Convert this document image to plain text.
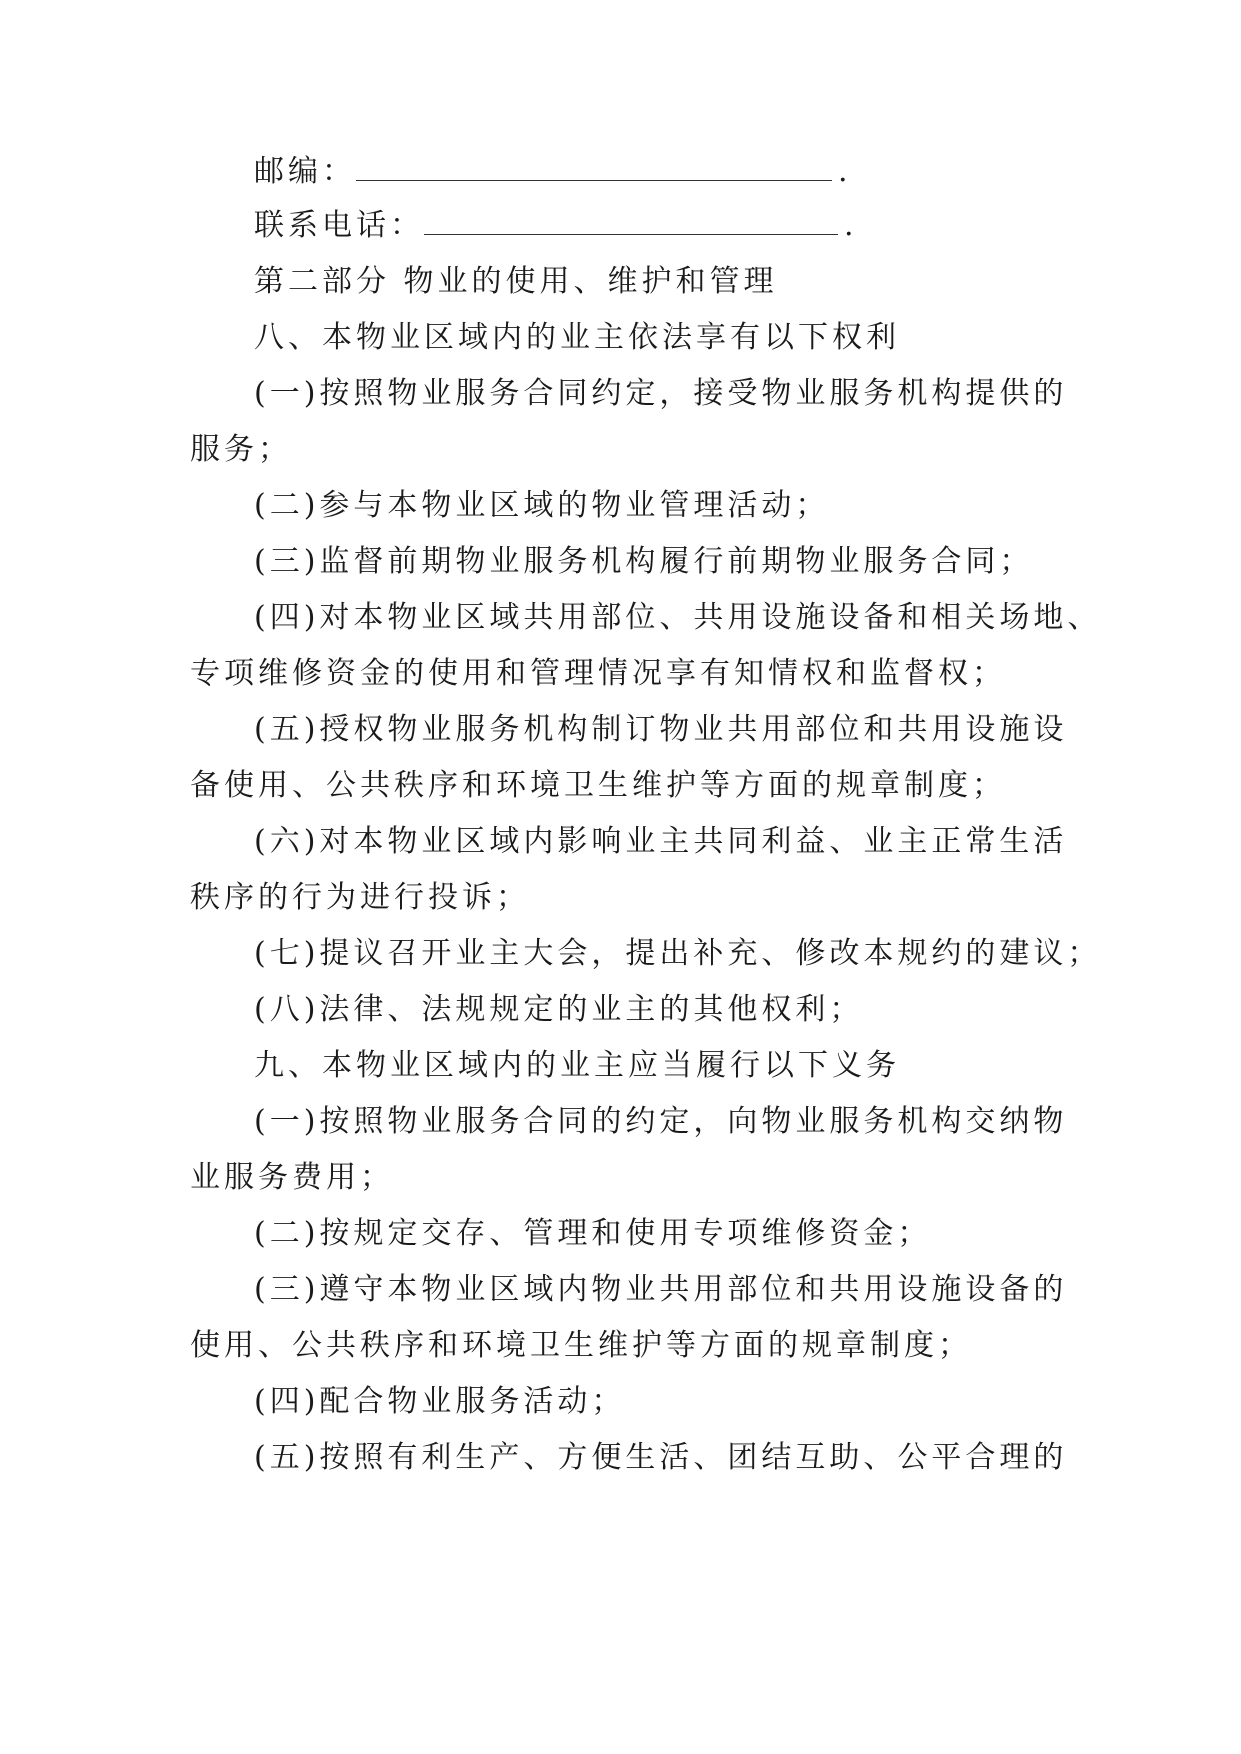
邮编：	.
联系电话：	.
第二部分 物业的使用、维护和管理
八、本物业区域内的业主依法享有以下权利
(一)按照物业服务合同约定，接受物业服务机构提供的
服务；
(二)参与本物业区域的物业管理活动；
(三)监督前期物业服务机构履行前期物业服务合同；
(四)对本物业区域共用部位、共用设施设备和相关场地、
专项维修资金的使用和管理情况享有知情权和监督权；
(五)授权物业服务机构制订物业共用部位和共用设施设
备使用、公共秩序和环境卫生维护等方面的规章制度；
(六)对本物业区域内影响业主共同利益、业主正常生活
秩序的行为进行投诉；
(七)提议召开业主大会，提出补充、修改本规约的建议；
(八)法律、法规规定的业主的其他权利；
九、本物业区域内的业主应当履行以下义务
(一)按照物业服务合同的约定，向物业服务机构交纳物
业服务费用；
(二)按规定交存、管理和使用专项维修资金；
(三)遵守本物业区域内物业共用部位和共用设施设备的
使用、公共秩序和环境卫生维护等方面的规章制度；
(四)配合物业服务活动；
(五)按照有利生产、方便生活、团结互助、公平合理的
